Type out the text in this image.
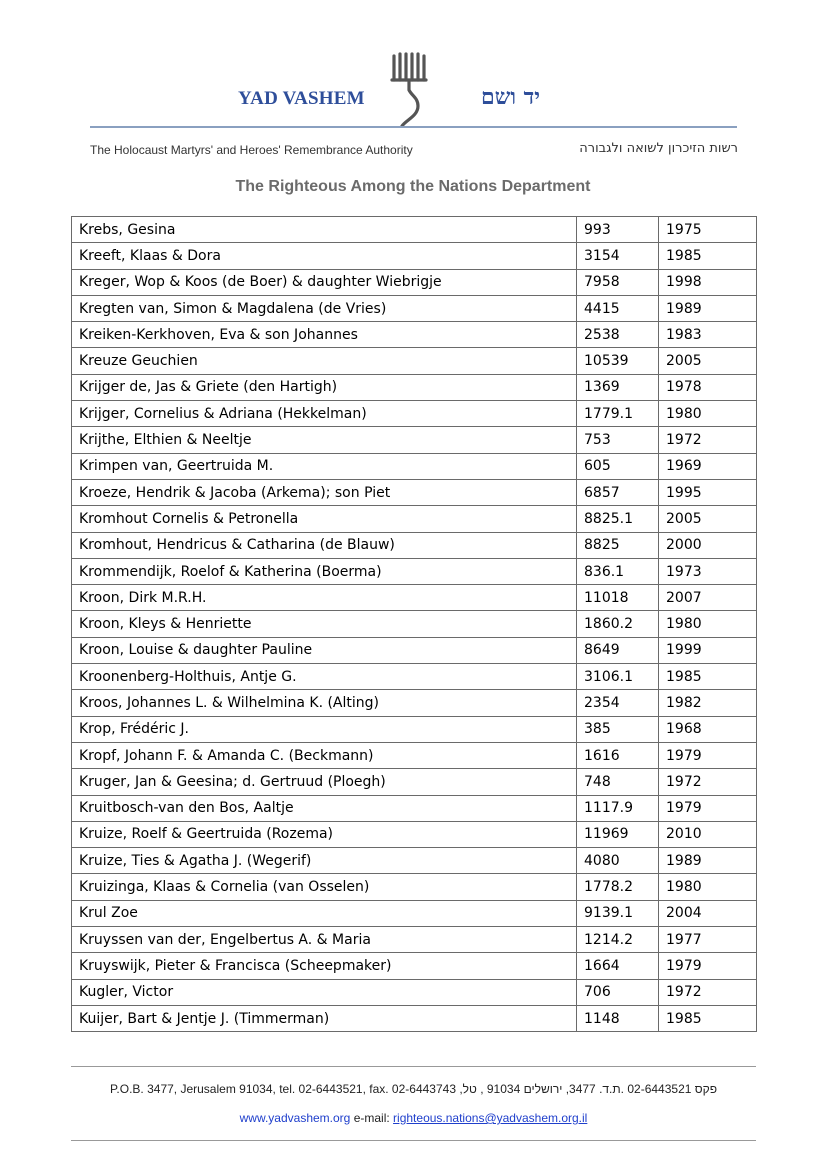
YAD VASHEM	יד ושם
The Holocaust Martyrs' and Heroes' Remembrance Authority	רשות הזיכרון לשואה ולגבורה
The Righteous Among the Nations Department
Krebs, Gesina	993	1975
Kreeft, Klaas & Dora	3154	1985
Kreger, Wop & Koos (de Boer) & daughter Wiebrigje	7958	1998
Kregten van, Simon & Magdalena (de Vries)	4415	1989
Kreiken-Kerkhoven, Eva & son Johannes	2538	1983
Kreuze Geuchien	10539	2005
Krijger de, Jas & Griete (den Hartigh)	1369	1978
Krijger, Cornelius & Adriana (Hekkelman)	1779.1	1980
Krijthe, Elthien & Neeltje	753	1972
Krimpen van, Geertruida M.	605	1969
Kroeze, Hendrik & Jacoba (Arkema); son Piet	6857	1995
Kromhout Cornelis & Petronella	8825.1	2005
Kromhout, Hendricus & Catharina (de Blauw)	8825	2000
Krommendijk, Roelof & Katherina (Boerma)	836.1	1973
Kroon, Dirk M.R.H.	11018	2007
Kroon, Kleys & Henriette	1860.2	1980
Kroon, Louise & daughter Pauline	8649	1999
Kroonenberg-Holthuis, Antje G.	3106.1	1985
Kroos, Johannes L. & Wilhelmina K. (Alting)	2354	1982
Krop, Frédéric J.	385	1968
Kropf, Johann F. & Amanda C. (Beckmann)	1616	1979
Kruger, Jan & Geesina; d. Gertruud (Ploegh)	748	1972
Kruitbosch-van den Bos, Aaltje	1117.9	1979
Kruize, Roelf & Geertruida (Rozema)	11969	2010
Kruize, Ties & Agatha J. (Wegerif)	4080	1989
Kruizinga, Klaas & Cornelia (van Osselen)	1778.2	1980
Krul Zoe	9139.1	2004
Kruyssen van der, Engelbertus A. & Maria	1214.2	1977
Kruyswijk, Pieter & Francisca (Scheepmaker)	1664	1979
Kugler, Victor	706	1972
Kuijer, Bart & Jentje J. (Timmerman)	1148	1985
P.O.B. 3477, Jerusalem 91034, tel. 02-6443521, fax. 02-6443743 ,פקס 02-6443521 .ת.ד. 3477, ירושלים 91034 , טל
www.yadvashem.org e-mail: righteous.nations@yadvashem.org.il
